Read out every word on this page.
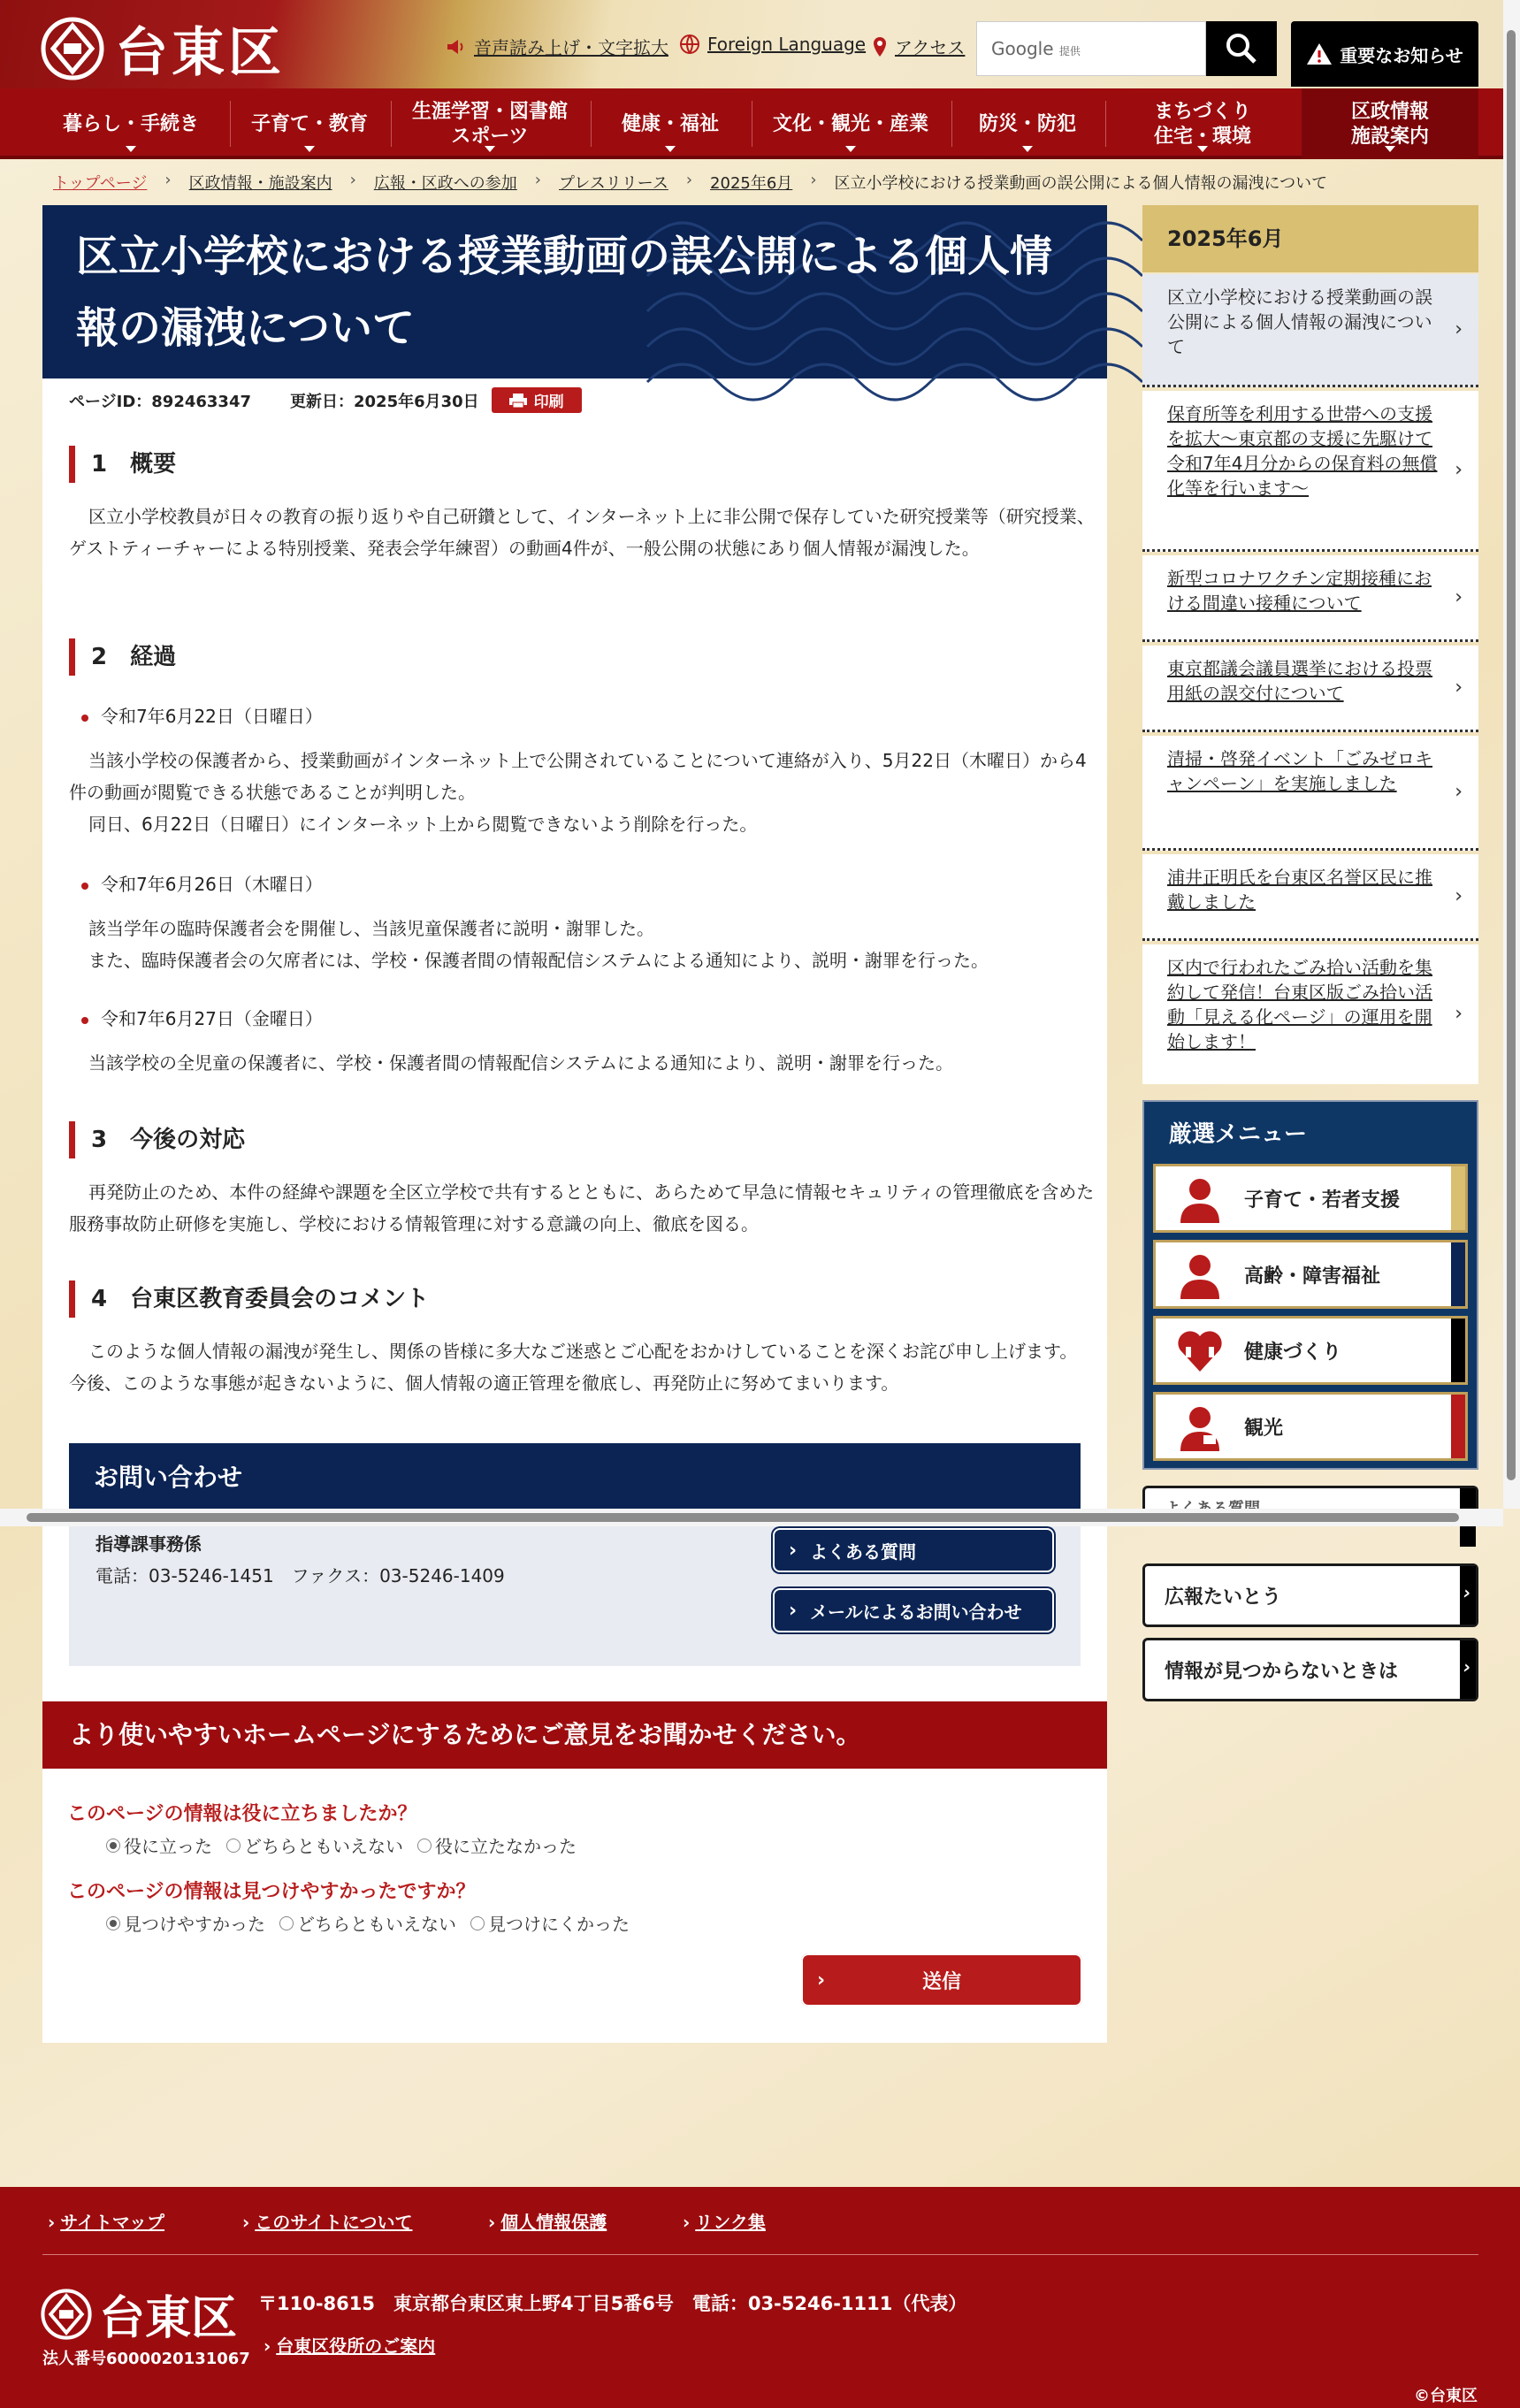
台東区	音声読み上げ・文字拡大 Foreign Language アクセス Google 提供	重要なお知らせ
暮らし・手続き	子育て・教育
生涯学習・図書館
スポーツ
健康・福祉	文化・観光・産業	防災・防犯
まちづくり
住宅・環境
区政情報
施設案内
トップページ › 区政情報・施設案内 › 広報・区政への参加 › プレスリリース › 2025年6月 › 区立小学校における授業動画の誤公開による個人情報の漏洩について
区立小学校における授業動画の誤公開による個人情報の漏洩について
ページID：892463347 更新日：2025年6月30日	印刷
1　概要
区立小学校教員が日々の教育の振り返りや自己研鑽として、インターネット上に非公開で保存していた研究授業等（研究授業、ゲストティーチャーによる特別授業、発表会学年練習）の動画4件が、一般公開の状態にあり個人情報が漏洩した。
2　経過
令和7年6月22日（日曜日）
当該小学校の保護者から、授業動画がインターネット上で公開されていることについて連絡が入り、5月22日（木曜日）から4件の動画が閲覧できる状態であることが判明した。
同日、6月22日（日曜日）にインターネット上から閲覧できないよう削除を行った。
令和7年6月26日（木曜日）
該当学年の臨時保護者会を開催し、当該児童保護者に説明・謝罪した。
また、臨時保護者会の欠席者には、学校・保護者間の情報配信システムによる通知により、説明・謝罪を行った。
令和7年6月27日（金曜日）
当該学校の全児童の保護者に、学校・保護者間の情報配信システムによる通知により、説明・謝罪を行った。
3　今後の対応
再発防止のため、本件の経緯や課題を全区立学校で共有するとともに、あらためて早急に情報セキュリティの管理徹底を含めた服務事故防止研修を実施し、学校における情報管理に対する意識の向上、徹底を図る。
4　台東区教育委員会のコメント
このような個人情報の漏洩が発生し、関係の皆様に多大なご迷惑とご心配をおかけしていることを深くお詫び申し上げます。今後、このような事態が起きないように、個人情報の適正管理を徹底し、再発防止に努めてまいります。
お問い合わせ
指導課事務係
電話：03-5246-1451　ファクス：03-5246-1409
› よくある質問
› メールによるお問い合わせ
より使いやすいホームページにするためにご意見をお聞かせください。
このページの情報は役に立ちましたか？
役に立った どちらともいえない 役に立たなかった
このページの情報は見つけやすかったですか？
見つけやすかった どちらともいえない 見つけにくかった
› 送信
2025年6月
区立小学校における授業動画の誤公開による個人情報の漏洩について ›
保育所等を利用する世帯への支援を拡大～東京都の支援に先駆けて令和7年4月分からの保育料の無償化等を行います～ ›
新型コロナワクチン定期接種における間違い接種について ›
東京都議会議員選挙における投票用紙の誤交付について ›
清掃・啓発イベント「ごみゼロキャンペーン」を実施しました ›
浦井正明氏を台東区名誉区民に推戴しました ›
区内で行われたごみ拾い活動を集約して発信！台東区版ごみ拾い活動「見える化ページ」の運用を開始します！ ›
厳選メニュー
子育て・若者支援
高齢・障害福祉
健康づくり
観光
›
広報たいとう
›
情報が見つからないときは
›
› サイトマップ	› このサイトについて	› 個人情報保護	› リンク集
台東区 〒110-8615　東京都台東区東上野4丁目5番6号　電話：03-5246-1111（代表）
法人番号6000020131067
› 台東区役所のご案内
©台東区
